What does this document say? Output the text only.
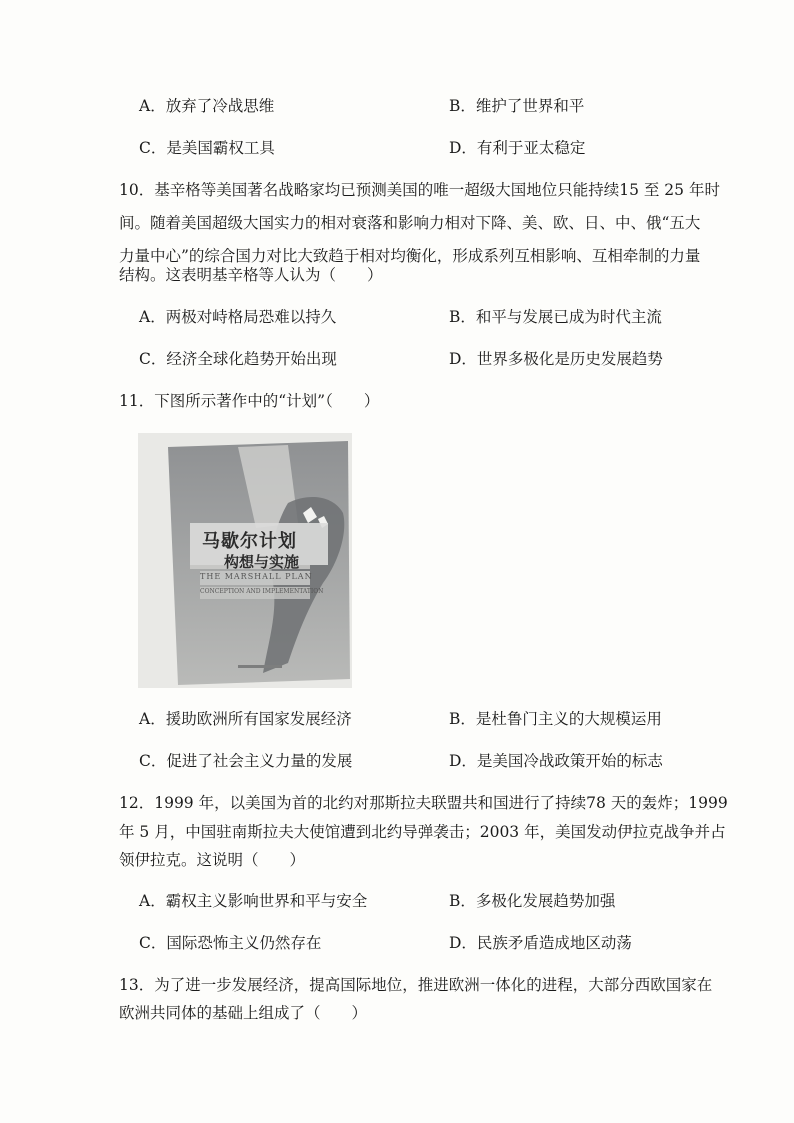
A．放弃了冷战思维	B．维护了世界和平
C．是美国霸权工具	D．有利于亚太稳定
10．基辛格等美国著名战略家均已预测美国的唯一超级大国地位只能持续15 至 25 年时
间。随着美国超级大国实力的相对衰落和影响力相对下降、美、欧、日、中、俄“五大
力量中心”的综合国力对比大致趋于相对均衡化，形成系列互相影响、互相牵制的力量
结构。这表明基辛格等人认为（　　）
A．两极对峙格局恐难以持久	B．和平与发展已成为时代主流
C．经济全球化趋势开始出现	D．世界多极化是历史发展趋势
11．下图所示著作中的“计划”（　　）
马歇尔计划
构想与实施
THE MARSHALL PLAN
CONCEPTION AND IMPLEMENTATION
A．援助欧洲所有国家发展经济	B．是杜鲁门主义的大规模运用
C．促进了社会主义力量的发展	D．是美国冷战政策开始的标志
12．1999 年，以美国为首的北约对那斯拉夫联盟共和国进行了持续78 天的轰炸；1999
年 5 月，中国驻南斯拉夫大使馆遭到北约导弹袭击；2003 年，美国发动伊拉克战争并占
领伊拉克。这说明（　　）
A．霸权主义影响世界和平与安全	B．多极化发展趋势加强
C．国际恐怖主义仍然存在	D．民族矛盾造成地区动荡
13．为了进一步发展经济，提高国际地位，推进欧洲一体化的进程，大部分西欧国家在
欧洲共同体的基础上组成了（　　）
